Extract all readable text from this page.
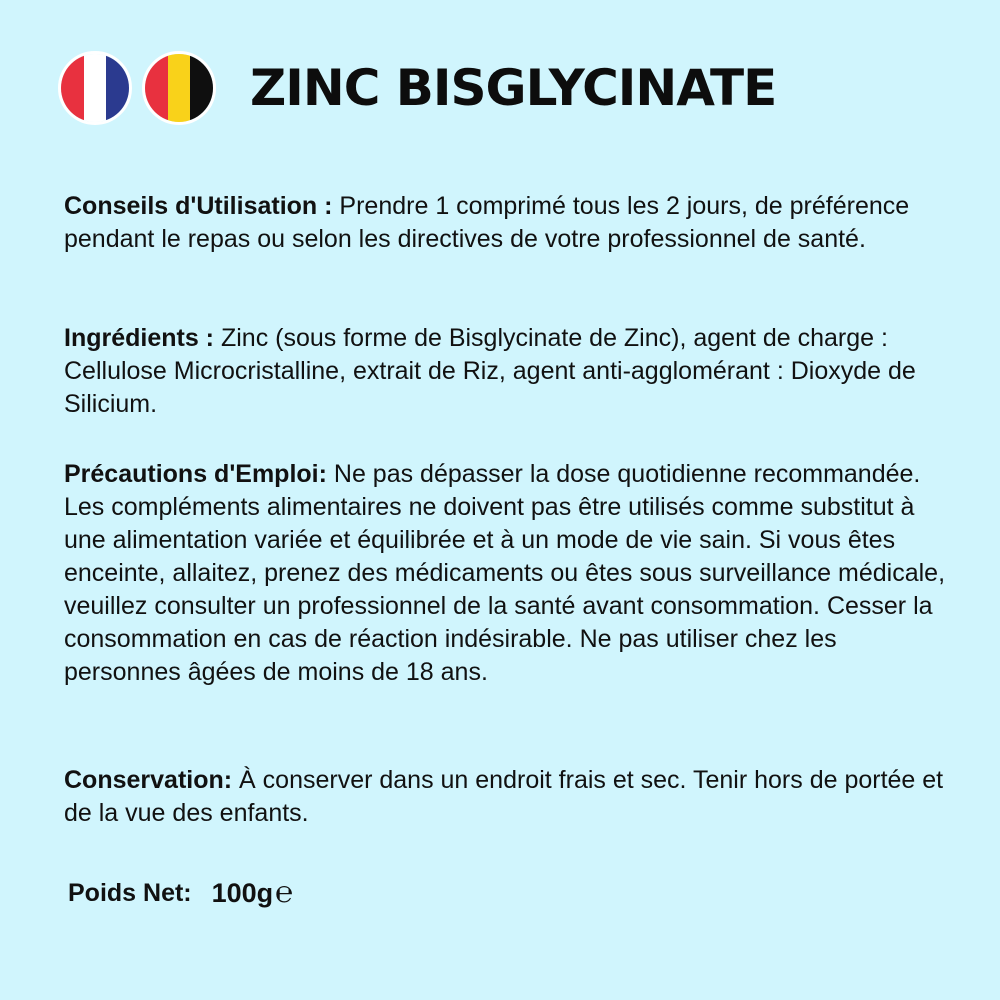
ZINC BISGLYCINATE

Conseils d'Utilisation : Prendre 1 comprimé tous les 2 jours, de préférence pendant le repas ou selon les directives de votre professionnel de santé.

Ingrédients : Zinc (sous forme de Bisglycinate de Zinc), agent de charge : Cellulose Microcristalline, extrait de Riz, agent anti-agglomérant : Dioxyde de Silicium.

Précautions d'Emploi: Ne pas dépasser la dose quotidienne recommandée. Les compléments alimentaires ne doivent pas être utilisés comme substitut à une alimentation variée et équilibrée et à un mode de vie sain. Si vous êtes enceinte, allaitez, prenez des médicaments ou êtes sous surveillance médicale, veuillez consulter un professionnel de la santé avant consommation. Cesser la consommation en cas de réaction indésirable. Ne pas utiliser chez les personnes âgées de moins de 18 ans.

Conservation: À conserver dans un endroit frais et sec. Tenir hors de portée et de la vue des enfants.

Poids Net: 100g ℮
